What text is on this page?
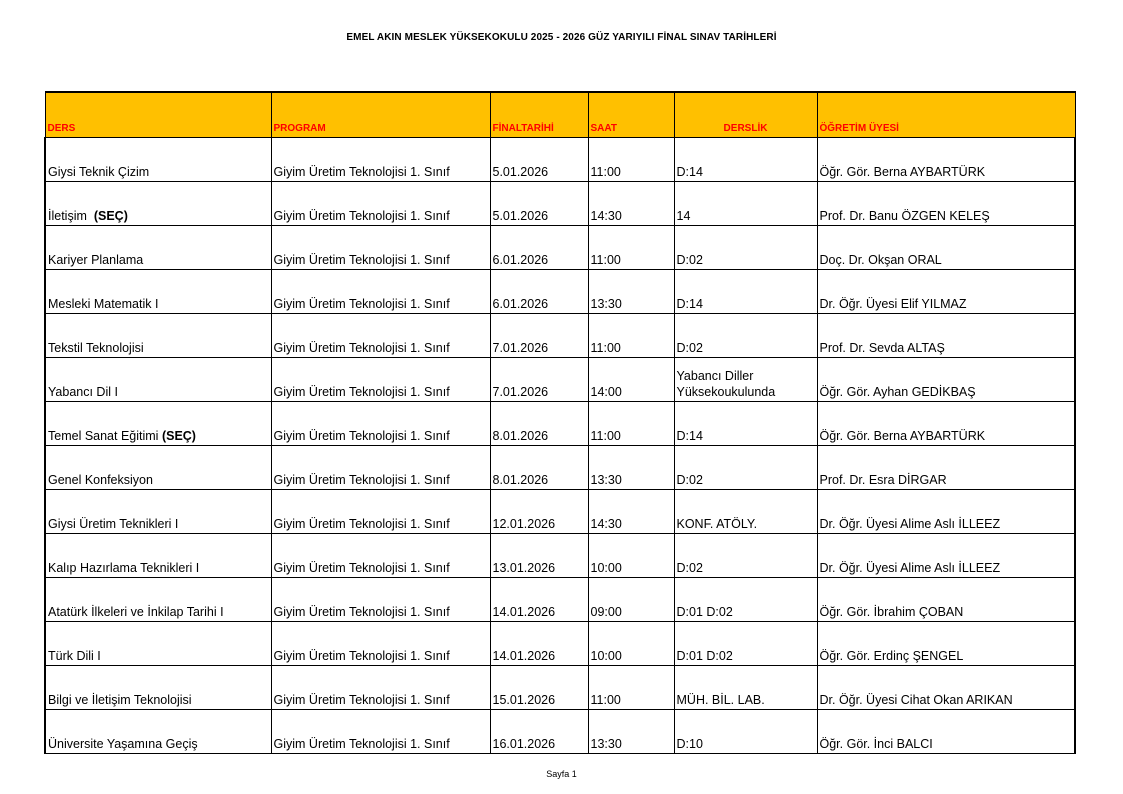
EMEL AKIN MESLEK YÜKSEKOKULU 2025 - 2026 GÜZ YARIYILI FİNAL SINAV TARİHLERİ
DERS	PROGRAM	FİNALTARİHİ	SAAT	DERSLİK	ÖĞRETİM ÜYESİ
Giysi Teknik Çizim	Giyim Üretim Teknolojisi 1. Sınıf	5.01.2026	11:00	D:14	Öğr. Gör. Berna AYBARTÜRK
İletişim  (SEÇ)	Giyim Üretim Teknolojisi 1. Sınıf	5.01.2026	14:30	14	Prof. Dr. Banu ÖZGEN KELEŞ
Kariyer Planlama	Giyim Üretim Teknolojisi 1. Sınıf	6.01.2026	11:00	D:02	Doç. Dr. Okşan ORAL
Mesleki Matematik I	Giyim Üretim Teknolojisi 1. Sınıf	6.01.2026	13:30	D:14	Dr. Öğr. Üyesi Elif YILMAZ
Tekstil Teknolojisi	Giyim Üretim Teknolojisi 1. Sınıf	7.01.2026	11:00	D:02	Prof. Dr. Sevda ALTAŞ
Yabancı Dil I	Giyim Üretim Teknolojisi 1. Sınıf	7.01.2026	14:00	Yabancı Diller Yüksekoukulunda	Öğr. Gör. Ayhan GEDİKBAŞ
Temel Sanat Eğitimi (SEÇ)	Giyim Üretim Teknolojisi 1. Sınıf	8.01.2026	11:00	D:14	Öğr. Gör. Berna AYBARTÜRK
Genel Konfeksiyon	Giyim Üretim Teknolojisi 1. Sınıf	8.01.2026	13:30	D:02	Prof. Dr. Esra DİRGAR
Giysi Üretim Teknikleri I	Giyim Üretim Teknolojisi 1. Sınıf	12.01.2026	14:30	KONF. ATÖLY.	Dr. Öğr. Üyesi Alime Aslı İLLEEZ
Kalıp Hazırlama Teknikleri I	Giyim Üretim Teknolojisi 1. Sınıf	13.01.2026	10:00	D:02	Dr. Öğr. Üyesi Alime Aslı İLLEEZ
Atatürk İlkeleri ve İnkilap Tarihi I	Giyim Üretim Teknolojisi 1. Sınıf	14.01.2026	09:00	D:01 D:02	Öğr. Gör. İbrahim ÇOBAN
Türk Dili I	Giyim Üretim Teknolojisi 1. Sınıf	14.01.2026	10:00	D:01 D:02	Öğr. Gör. Erdinç ŞENGEL
Bilgi ve İletişim Teknolojisi	Giyim Üretim Teknolojisi 1. Sınıf	15.01.2026	11:00	MÜH. BİL. LAB.	Dr. Öğr. Üyesi Cihat Okan ARIKAN
Üniversite Yaşamına Geçiş	Giyim Üretim Teknolojisi 1. Sınıf	16.01.2026	13:30	D:10	Öğr. Gör. İnci BALCI
Sayfa 1
